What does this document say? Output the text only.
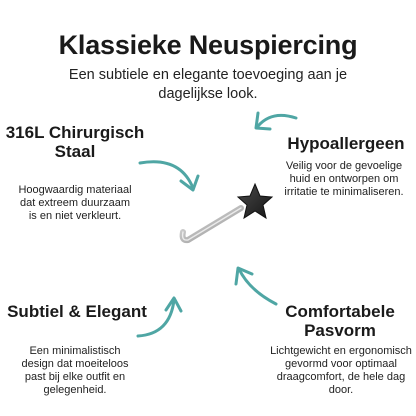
Klassieke Neuspiercing
Een subtiele en elegante toevoeging aan je dagelijkse look.
316L Chirurgisch Staal
Hoogwaardig materiaal dat extreem duurzaam is en niet verkleurt.
Hypoallergeen
Veilig voor de gevoelige huid en ontworpen om irritatie te minimaliseren.
Subtiel & Elegant
Een minimalistisch design dat moeiteloos past bij elke outfit en gelegenheid.
Comfortabele Pasvorm
Lichtgewicht en ergonomisch gevormd voor optimaal draagcomfort, de hele dag door.
